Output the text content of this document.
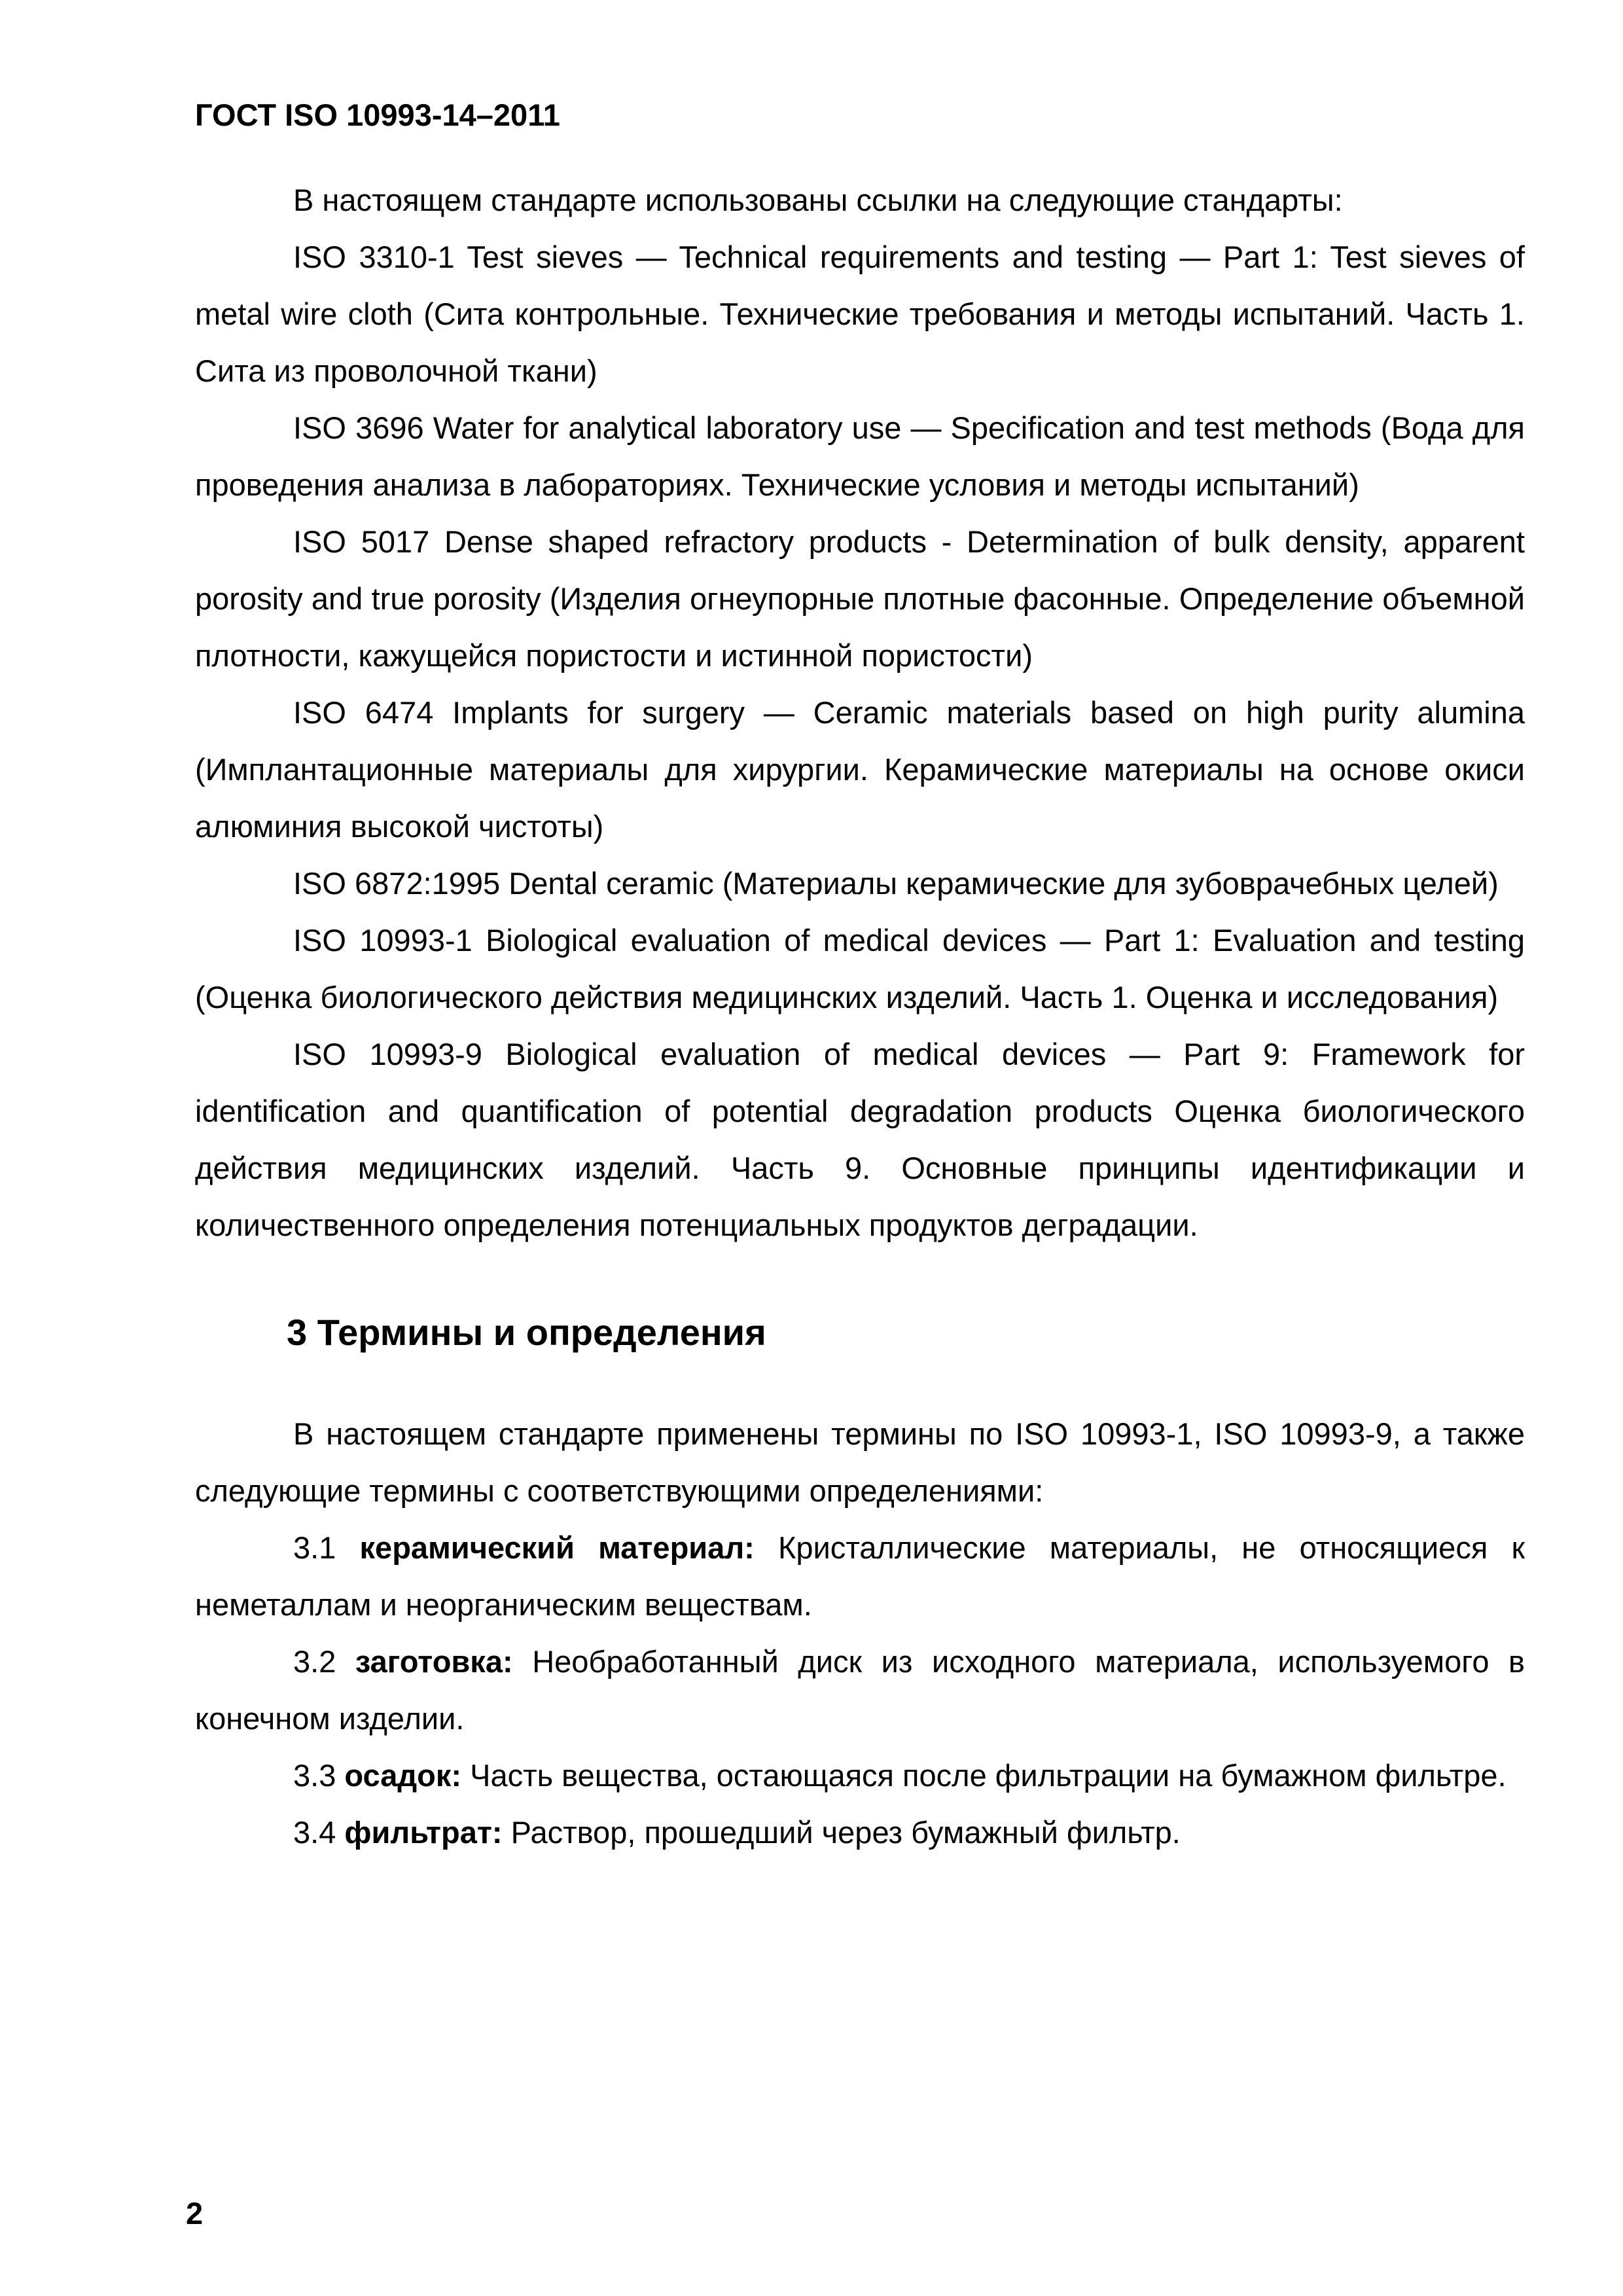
ГОСТ ISO 10993-14–2011

В настоящем стандарте использованы ссылки на следующие стандарты:

ISO 3310-1 Test sieves — Technical requirements and testing — Part 1: Test sieves of metal wire cloth (Сита контрольные. Технические требования и методы испытаний. Часть 1. Сита из проволочной ткани)

ISO 3696 Water for analytical laboratory use — Specification and test methods (Вода для проведения анализа в лабораториях. Технические условия и методы испытаний)

ISO 5017 Dense shaped refractory products - Determination of bulk density, apparent porosity and true porosity (Изделия огнеупорные плотные фасонные. Определение объемной плотности, кажущейся пористости и истинной пористости)

ISO 6474 Implants for surgery — Ceramic materials based on high purity alumina (Имплантационные материалы для хирургии. Керамические материалы на основе окиси алюминия высокой чистоты)

ISO 6872:1995 Dental ceramic (Материалы керамические для зубоврачебных целей)

ISO 10993-1 Biological evaluation of medical devices — Part 1: Evaluation and testing (Оценка биологического действия медицинских изделий. Часть 1. Оценка и исследования)

ISO 10993-9 Biological evaluation of medical devices — Part 9: Framework for identification and quantification of potential degradation products Оценка биологического действия медицинских изделий. Часть 9. Основные принципы идентификации и количественного определения потенциальных продуктов деградации.

3 Термины и определения

В настоящем стандарте применены термины по ISO 10993-1, ISO 10993-9, а также следующие термины с соответствующими определениями:

3.1 керамический материал: Кристаллические материалы, не относящиеся к неметаллам и неорганическим веществам.

3.2 заготовка: Необработанный диск из исходного материала, используемого в конечном изделии.

3.3 осадок: Часть вещества, остающаяся после фильтрации на бумажном фильтре.

3.4 фильтрат: Раствор, прошедший через бумажный фильтр.

2
